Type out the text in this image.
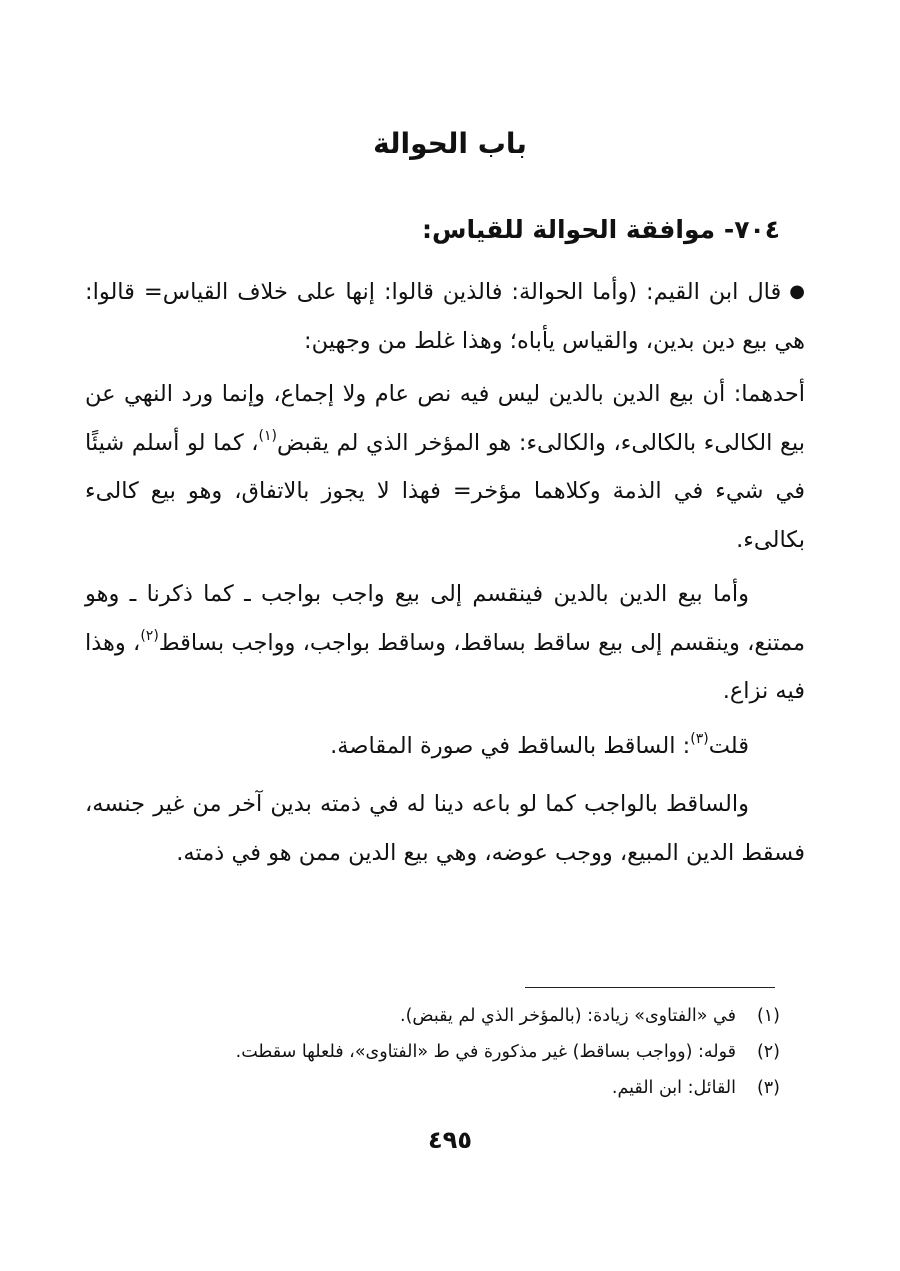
باب الحوالة
٧٠٤- موافقة الحوالة للقياس:
●قال ابن القيم: (وأما الحوالة: فالذين قالوا: إنها على خلاف القياس= قالوا: هي بيع دين بدين، والقياس يأباه؛ وهذا غلط من وجهين:
أحدهما: أن بيع الدين بالدين ليس فيه نص عام ولا إجماع، وإنما ورد النهي عن بيع الكالىء بالكالىء، والكالىء: هو المؤخر الذي لم يقبض$^{(١)}$، كما لو أسلم شيئًا في شيء في الذمة وكلاهما مؤخر= فهذا لا يجوز بالاتفاق، وهو بيع كالىء بكالىء.
وأما بيع الدين بالدين فينقسم إلى بيع واجب بواجب ـ كما ذكرنا ـ وهو ممتنع، وينقسم إلى بيع ساقط بساقط، وساقط بواجب، وواجب بساقط$^{(٢)}$، وهذا فيه نزاع.
قلت$^{(٣)}$: الساقط بالساقط في صورة المقاصة.
والساقط بالواجب كما لو باعه دينا له في ذمته بدين آخر من غير جنسه، فسقط الدين المبيع، ووجب عوضه، وهي بيع الدين ممن هو في ذمته.
(١)في «الفتاوى» زيادة: (بالمؤخر الذي لم يقبض).
(٢)قوله: (وواجب بساقط) غير مذكورة في ط «الفتاوى»، فلعلها سقطت.
(٣)القائل: ابن القيم.
٤٩٥
